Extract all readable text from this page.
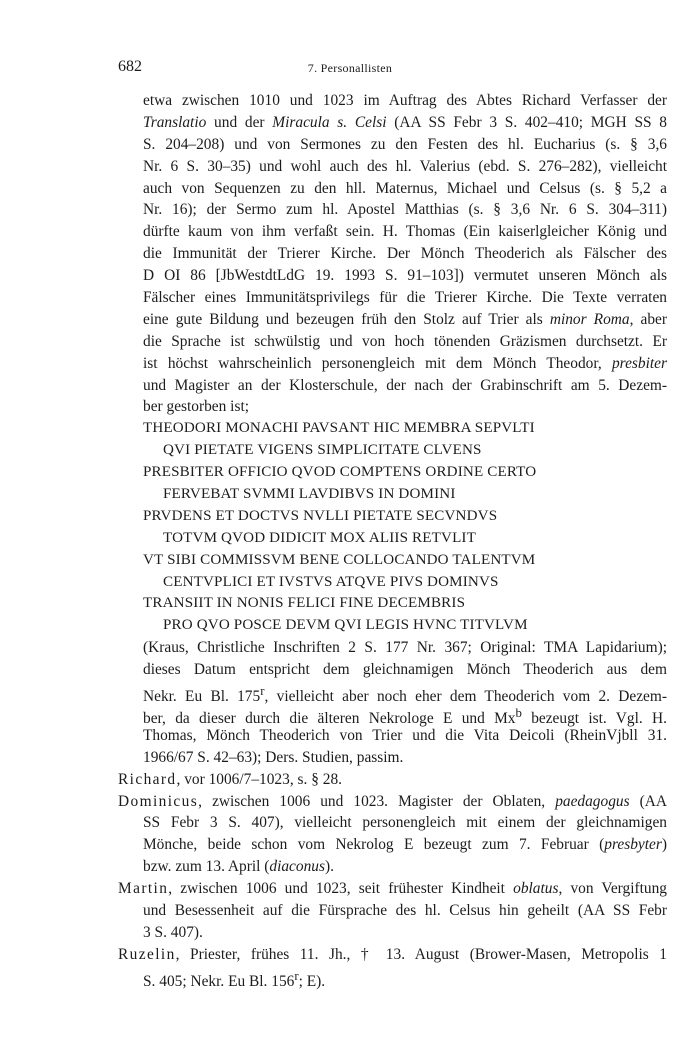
682	7. Personallisten
etwa zwischen 1010 und 1023 im Auftrag des Abtes Richard Verfasser der
Translatio und der Miracula s. Celsi (AA SS Febr 3 S. 402–410; MGH SS 8
S. 204–208) und von Sermones zu den Festen des hl. Eucharius (s. § 3,6
Nr. 6 S. 30–35) und wohl auch des hl. Valerius (ebd. S. 276–282), vielleicht
auch von Sequenzen zu den hll. Maternus, Michael und Celsus (s. § 5,2 a
Nr. 16); der Sermo zum hl. Apostel Matthias (s. § 3,6 Nr. 6 S. 304–311)
dürfte kaum von ihm verfaßt sein. H. Thomas (Ein kaiserlgleicher König und
die Immunität der Trierer Kirche. Der Mönch Theoderich als Fälscher des
D OI 86 [JbWestdtLdG 19. 1993 S. 91–103]) vermutet unseren Mönch als
Fälscher eines Immunitätsprivilegs für die Trierer Kirche. Die Texte verraten
eine gute Bildung und bezeugen früh den Stolz auf Trier als minor Roma, aber
die Sprache ist schwülstig und von hoch tönenden Gräzismen durchsetzt. Er
ist höchst wahrscheinlich personengleich mit dem Mönch Theodor, presbiter
und Magister an der Klosterschule, der nach der Grabinschrift am 5. Dezem-
ber gestorben ist;
THEODORI MONACHI PAVSANT HIC MEMBRA SEPVLTI
QVI PIETATE VIGENS SIMPLICITATE CLVENS
PRESBITER OFFICIO QVOD COMPTENS ORDINE CERTO
FERVEBAT SVMMI LAVDIBVS IN DOMINI
PRVDENS ET DOCTVS NVLLI PIETATE SECVNDVS
TOTVM QVOD DIDICIT MOX ALIIS RETVLIT
VT SIBI COMMISSVM BENE COLLOCANDO TALENTVM
CENTVPLICI ET IVSTVS ATQVE PIVS DOMINVS
TRANSIIT IN NONIS FELICI FINE DECEMBRIS
PRO QVO POSCE DEVM QVI LEGIS HVNC TITVLVM
(Kraus, Christliche Inschriften 2 S. 177 Nr. 367; Original: TMA Lapidarium);
dieses Datum entspricht dem gleichnamigen Mönch Theoderich aus dem
Nekr. Eu Bl. 175$^r$, vielleicht aber noch eher dem Theoderich vom 2. Dezem-
ber, da dieser durch die älteren Nekrologe E und Mx$^b$ bezeugt ist. Vgl. H.
Thomas, Mönch Theoderich von Trier und die Vita Deicoli (RheinVjbll 31.
1966/67 S. 42–63); Ders. Studien, passim.
Richard, vor 1006/7–1023, s. § 28.
Dominicus, zwischen 1006 und 1023. Magister der Oblaten, paedagogus (AA
SS Febr 3 S. 407), vielleicht personengleich mit einem der gleichnamigen
Mönche, beide schon vom Nekrolog E bezeugt zum 7. Februar (presbyter)
bzw. zum 13. April (diaconus).
Martin, zwischen 1006 und 1023, seit frühester Kindheit oblatus, von Vergiftung
und Besessenheit auf die Fürsprache des hl. Celsus hin geheilt (AA SS Febr
3 S. 407).
Ruzelin, Priester, frühes 11. Jh., † 13. August (Brower-Masen, Metropolis 1
S. 405; Nekr. Eu Bl. 156$^r$; E).
